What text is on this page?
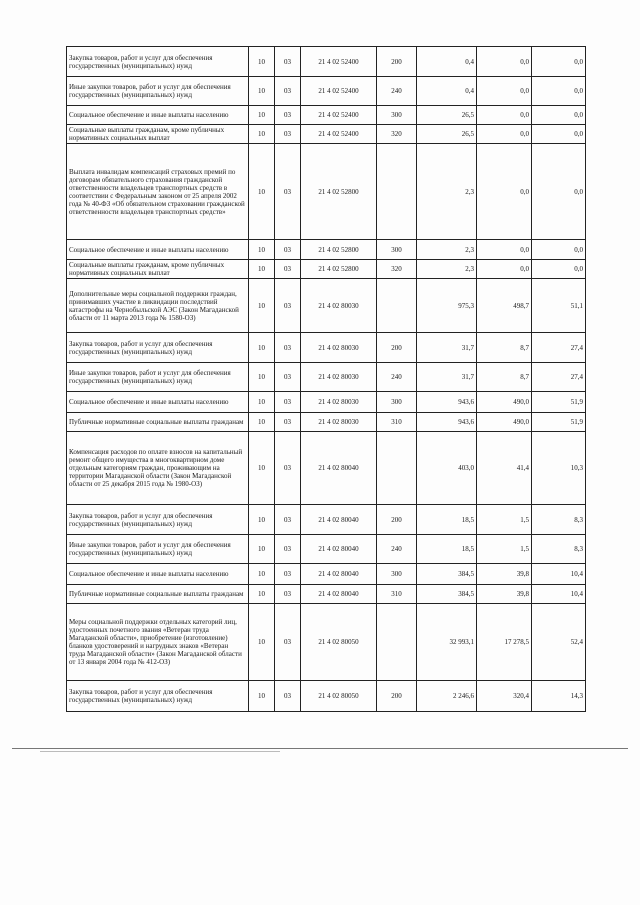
Закупка товаров, работ и услуг для обеспечения государственных (муниципальных) нужд	10	03	21 4 02 52400	200	0,4	0,0	0,0
Иные закупки товаров, работ и услуг для обеспечения государственных (муниципальных) нужд	10	03	21 4 02 52400	240	0,4	0,0	0,0
Социальное обеспечение и иные выплаты населению	10	03	21 4 02 52400	300	26,5	0,0	0,0
Социальные выплаты гражданам, кроме публичных нормативных социальных выплат	10	03	21 4 02 52400	320	26,5	0,0	0,0
Выплата инвалидам компенсаций страховых премий по договорам обязательного страхования гражданской ответственности владельцев транспортных средств в соответствии с Федеральным законом от 25 апреля 2002 года № 40-ФЗ «Об обязательном страховании гражданской ответственности владельцев транспортных средств»	10	03	21 4 02 52800		2,3	0,0	0,0
Социальное обеспечение и иные выплаты населению	10	03	21 4 02 52800	300	2,3	0,0	0,0
Социальные выплаты гражданам, кроме публичных нормативных социальных выплат	10	03	21 4 02 52800	320	2,3	0,0	0,0
Дополнительные меры социальной поддержки граждан, принимавших участие в ликвидации последствий катастрофы на Чернобыльской АЭС (Закон Магаданской области от 11 марта 2013 года № 1580-ОЗ)	10	03	21 4 02 80030		975,3	498,7	51,1
Закупка товаров, работ и услуг для обеспечения государственных (муниципальных) нужд	10	03	21 4 02 80030	200	31,7	8,7	27,4
Иные закупки товаров, работ и услуг для обеспечения государственных (муниципальных) нужд	10	03	21 4 02 80030	240	31,7	8,7	27,4
Социальное обеспечение и иные выплаты населению	10	03	21 4 02 80030	300	943,6	490,0	51,9
Публичные нормативные социальные выплаты гражданам	10	03	21 4 02 80030	310	943,6	490,0	51,9
Компенсация расходов по оплате взносов на капитальный ремонт общего имущества в многоквартирном доме отдельным категориям граждан, проживающим на территории Магаданской области (Закон Магаданской области от 25 декабря 2015 года № 1980-ОЗ)	10	03	21 4 02 80040		403,0	41,4	10,3
Закупка товаров, работ и услуг для обеспечения государственных (муниципальных) нужд	10	03	21 4 02 80040	200	18,5	1,5	8,3
Иные закупки товаров, работ и услуг для обеспечения государственных (муниципальных) нужд	10	03	21 4 02 80040	240	18,5	1,5	8,3
Социальное обеспечение и иные выплаты населению	10	03	21 4 02 80040	300	384,5	39,8	10,4
Публичные нормативные социальные выплаты гражданам	10	03	21 4 02 80040	310	384,5	39,8	10,4
Меры социальной поддержки отдельных категорий лиц, удостоенных почетного звания «Ветеран труда Магаданской области», приобретение (изготовление) бланков удостоверений и нагрудных знаков «Ветеран труда Магаданской области» (Закон Магаданской области от 13 января 2004 года № 412-ОЗ)	10	03	21 4 02 80050		32 993,1	17 278,5	52,4
Закупка товаров, работ и услуг для обеспечения государственных (муниципальных) нужд	10	03	21 4 02 80050	200	2 246,6	320,4	14,3
